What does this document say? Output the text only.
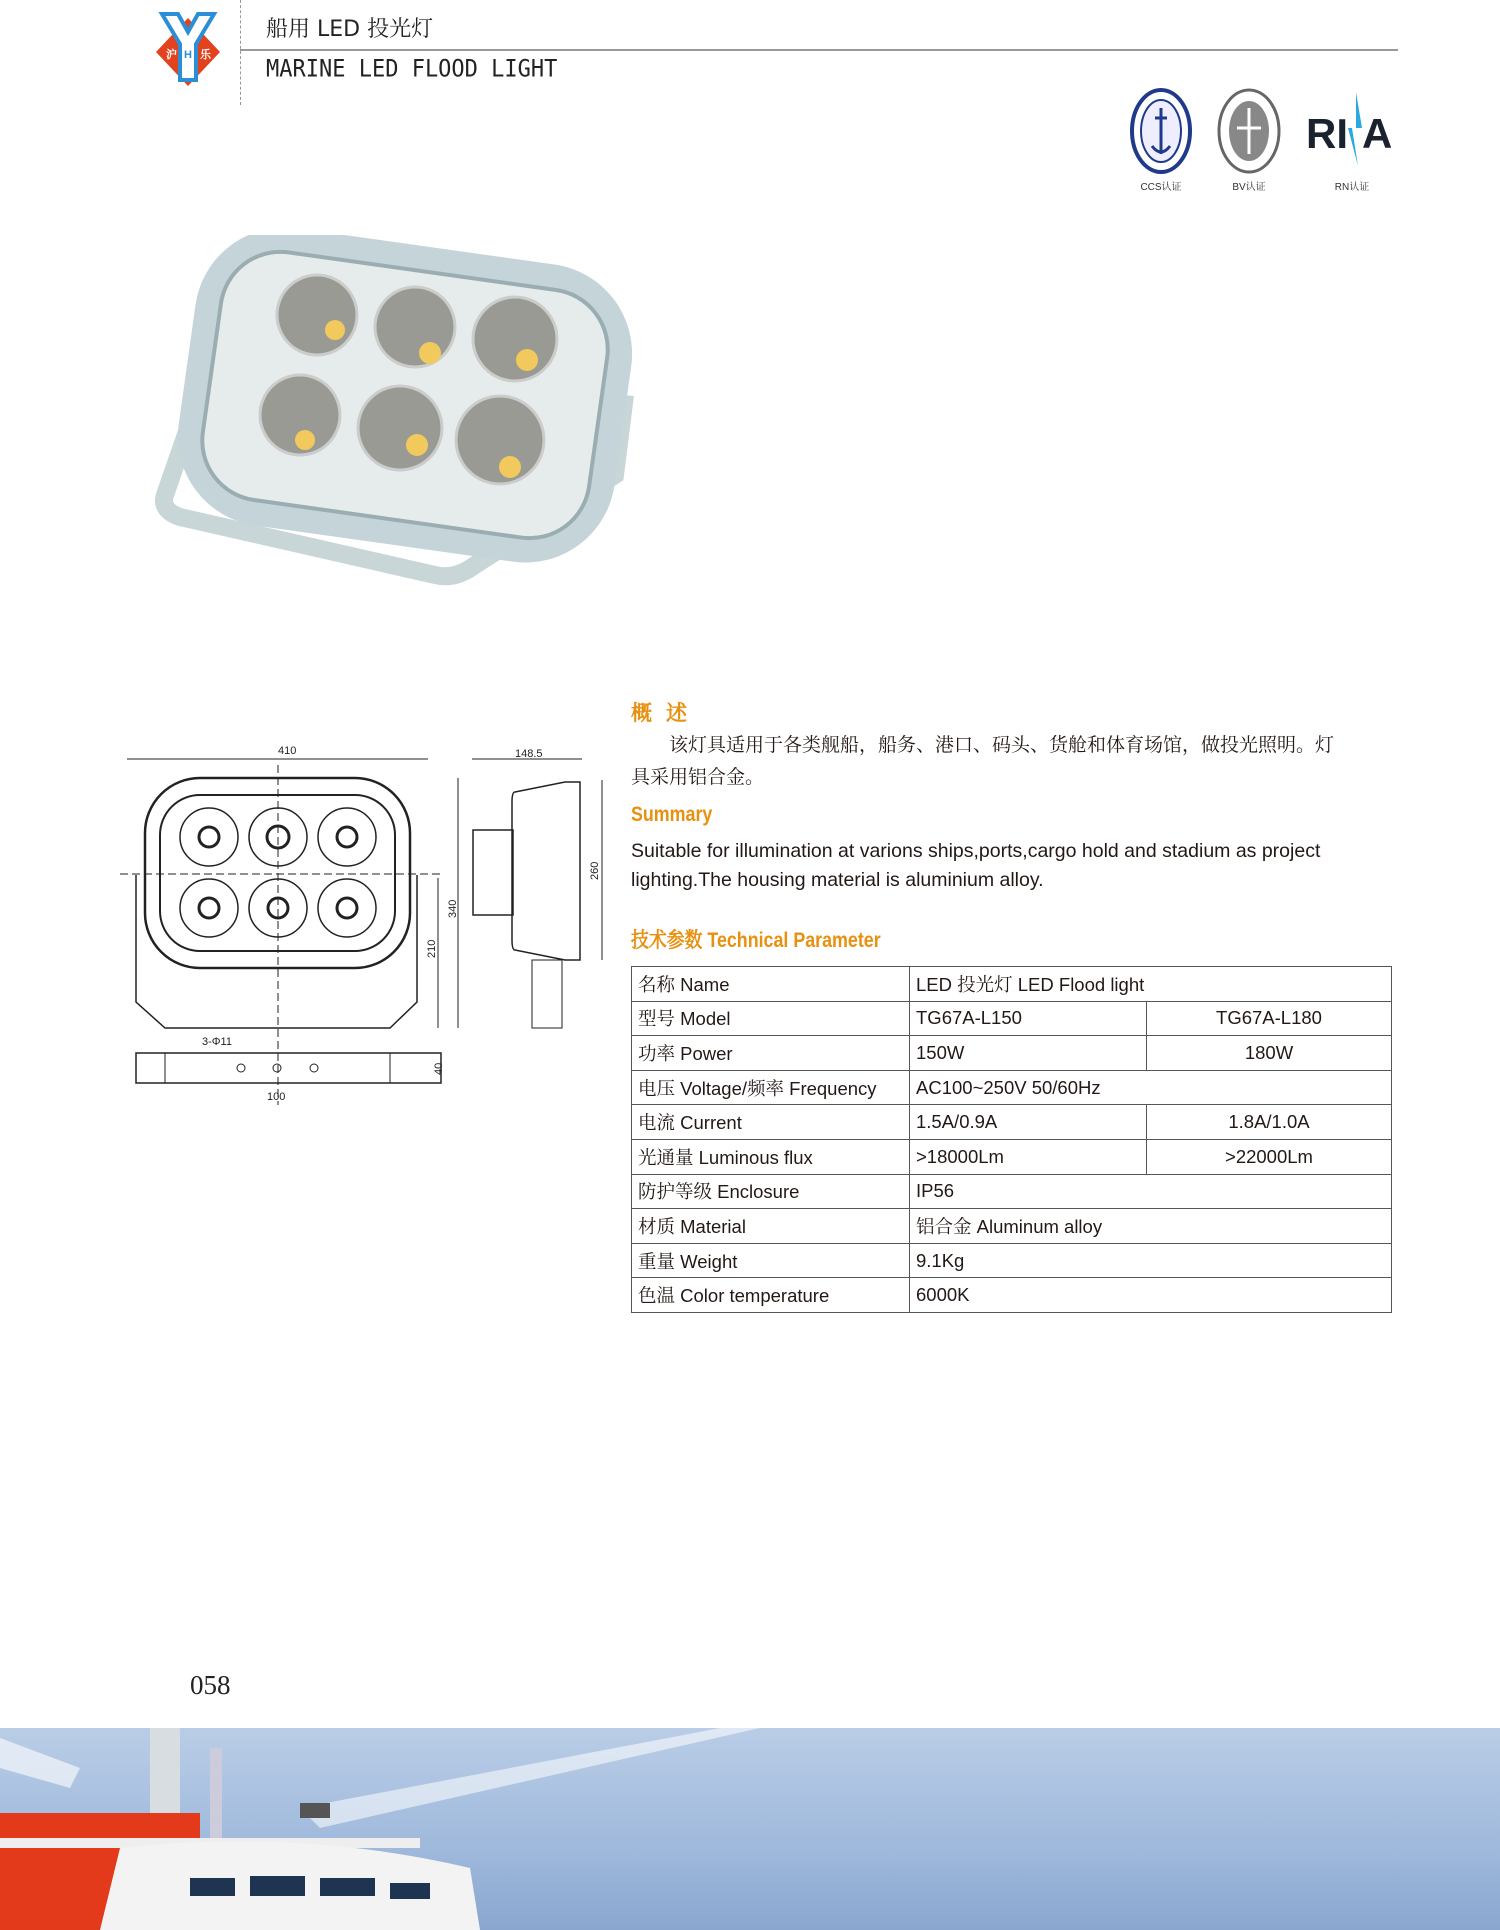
沪 H 乐
船用 LED 投光灯
MARINE LED FLOOD LIGHT
CCS认证	BV认证
RI A
RN认证
410
210
340
3-Φ11
100
40
148.5
260
概述
该灯具适用于各类舰船，船务、港口、码头、货舱和体育场馆，做投光照明。灯具采用铝合金。
Summary
Suitable for illumination at varions ships,ports,cargo hold and stadium as project lighting.The housing material is aluminium alloy.
技术参数 Technical Parameter
名称 Name	LED 投光灯 LED Flood light	
型号 Model	TG67A-L150	TG67A-L180
功率 Power	150W	180W
电压 Voltage/频率 Frequency	AC100~250V 50/60Hz	
电流 Current	1.5A/0.9A	1.8A/1.0A
光通量 Luminous flux	>18000Lm	>22000Lm
防护等级 Enclosure	IP56	
材质 Material	铝合金 Aluminum alloy	
重量 Weight	9.1Kg	
色温 Color temperature	6000K	
058
